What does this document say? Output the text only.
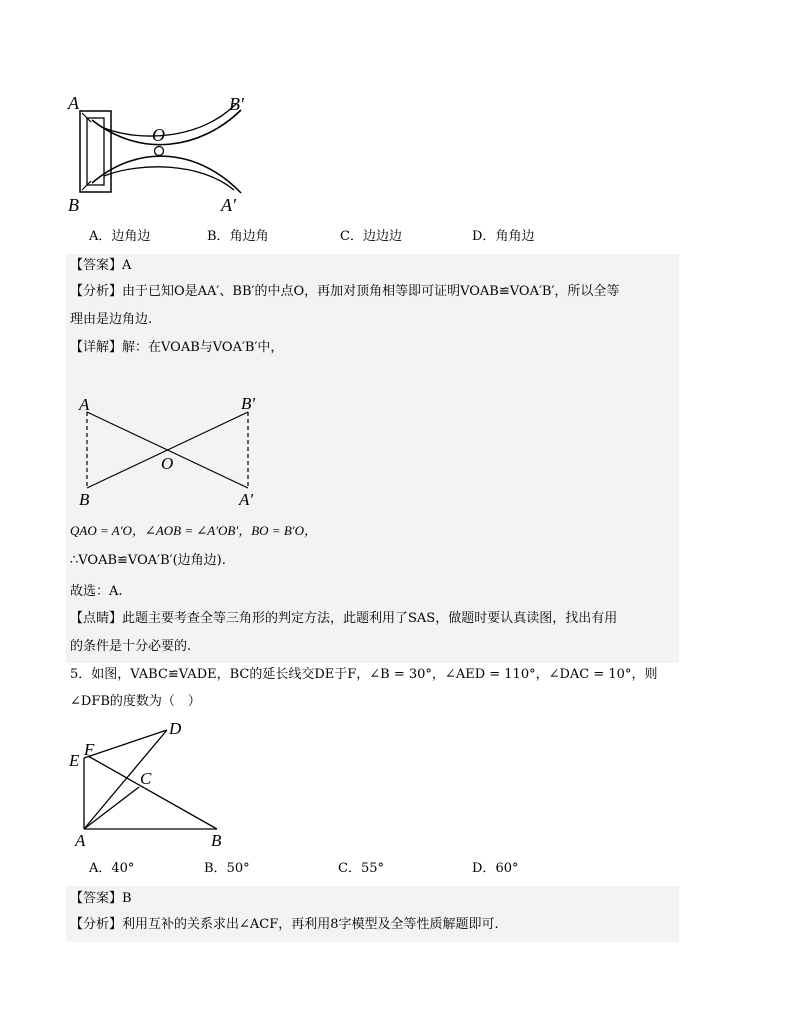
A
B
O
B′
A′
A．边角边	B．角边角	C．边边边	D．角角边
【答案】A
【分析】由于已知O是AA′、BB′的中点O，再加对顶角相等即可证明VOAB≌VOA′B′，所以全等
理由是边角边.
【详解】解：在VOAB与VOA′B′中，
A
B
O
B′
A′
QAO = A′O，∠AOB = ∠A′OB′，BO = B′O，
∴VOAB≌VOA′B′(边角边).
故选：A.
【点睛】此题主要考查全等三角形的判定方法，此题利用了SAS，做题时要认真读图，找出有用
的条件是十分必要的.
5．如图，VABC≌VADE，BC的延长线交DE于F，∠B = 30°，∠AED = 110°，∠DAC = 10°，则
∠DFB的度数为（　）
D
F
E
C
A	B
A．40°	B．50°	C．55°	D．60°
【答案】B
【分析】利用互补的关系求出∠ACF，再利用8字模型及全等性质解题即可.
